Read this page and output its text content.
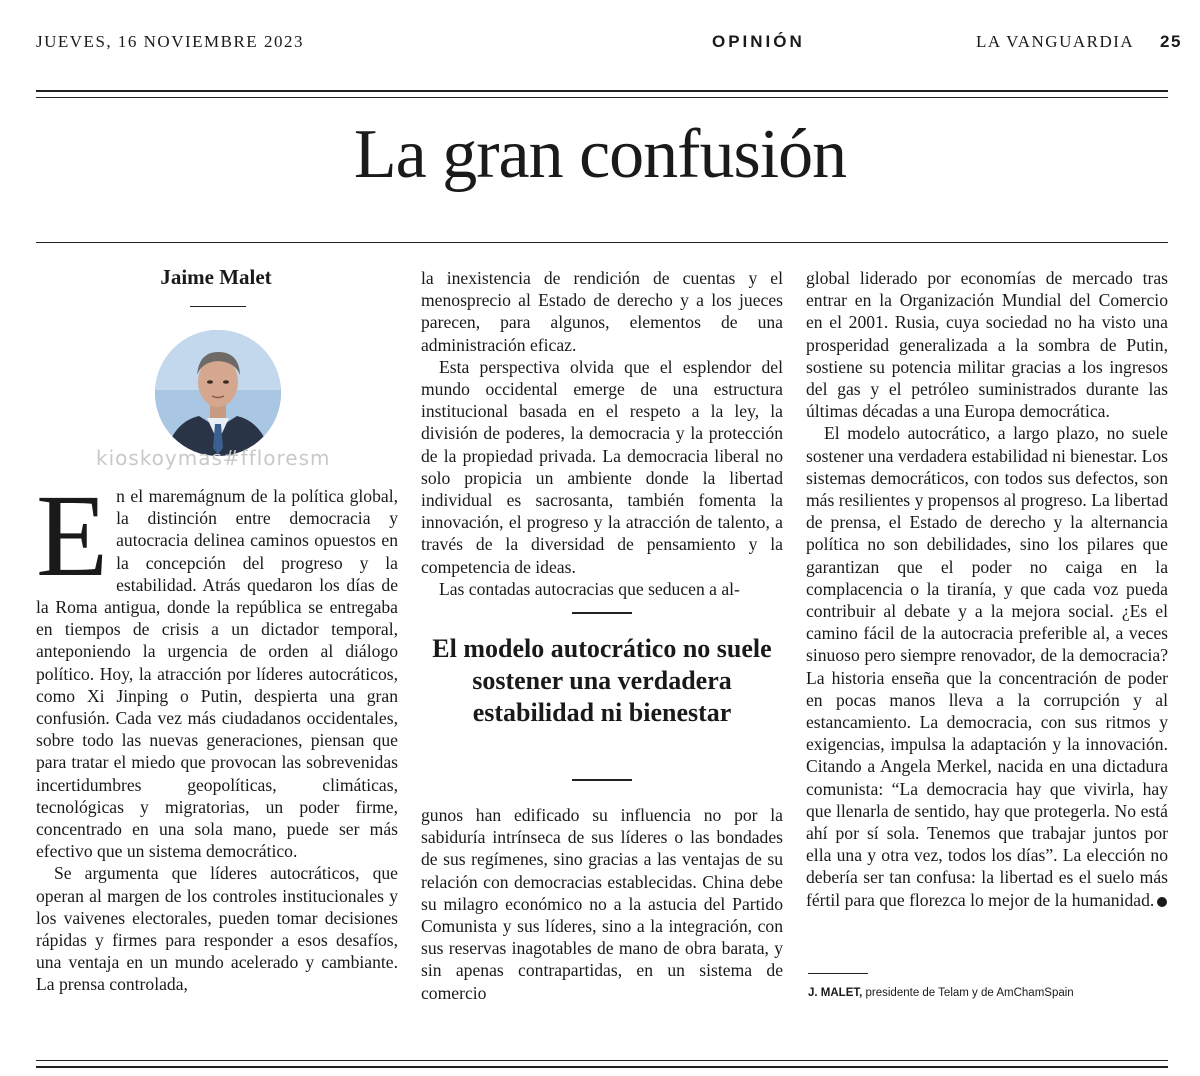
JUEVES, 16 NOVIEMBRE 2023	OPINIÓN	LA VANGUARDIA 25
La gran confusión
Jaime Malet
kioskoymas#ffloresm

En el maremágnum de la política global, la distinción entre democracia y autocracia delinea caminos opuestos en la concepción del progreso y la estabilidad. Atrás quedaron los días de la Roma antigua, donde la república se entregaba en tiempos de crisis a un dictador temporal, anteponiendo la urgencia de orden al diálogo político. Hoy, la atracción por líderes autocráticos, como Xi Jinping o Putin, despierta una gran confusión. Cada vez más ciudadanos occidentales, sobre todo las nuevas generaciones, piensan que para tratar el miedo que provocan las sobrevenidas incertidumbres geopolíticas, climáticas, tecnológicas y migratorias, un poder firme, concentrado en una sola mano, puede ser más efectivo que un sistema democrático.

Se argumenta que líderes autocráticos, que operan al margen de los controles institucionales y los vaivenes electorales, pueden tomar decisiones rápidas y firmes para responder a esos desafíos, una ventaja en un mundo acelerado y cambiante. La prensa controlada,

la inexistencia de rendición de cuentas y el menosprecio al Estado de derecho y a los jueces parecen, para algunos, elementos de una administración eficaz.

Esta perspectiva olvida que el esplendor del mundo occidental emerge de una estructura institucional basada en el respeto a la ley, la división de poderes, la democracia y la protección de la propiedad privada. La democracia liberal no solo propicia un ambiente donde la libertad individual es sacrosanta, también fomenta la innovación, el progreso y la atracción de talento, a través de la diversidad de pensamiento y la competencia de ideas.

Las contadas autocracias que seducen a al-

El modelo autocrático no suele sostener una verdadera estabilidad ni bienestar

gunos han edificado su influencia no por la sabiduría intrínseca de sus líderes o las bondades de sus regímenes, sino gracias a las ventajas de su relación con democracias establecidas. China debe su milagro económico no a la astucia del Partido Comunista y sus líderes, sino a la integración, con sus reservas inagotables de mano de obra barata, y sin apenas contrapartidas, en un sistema de comercio

global liderado por economías de mercado tras entrar en la Organización Mundial del Comercio en el 2001. Rusia, cuya sociedad no ha visto una prosperidad generalizada a la sombra de Putin, sostiene su potencia militar gracias a los ingresos del gas y el petróleo suministrados durante las últimas décadas a una Europa democrática.

El modelo autocrático, a largo plazo, no suele sostener una verdadera estabilidad ni bienestar. Los sistemas democráticos, con todos sus defectos, son más resilientes y propensos al progreso. La libertad de prensa, el Estado de derecho y la alternancia política no son debilidades, sino los pilares que garantizan que el poder no caiga en la complacencia o la tiranía, y que cada voz pueda contribuir al debate y a la mejora social. ¿Es el camino fácil de la autocracia preferible al, a veces sinuoso pero siempre renovador, de la democracia? La historia enseña que la concentración de poder en pocas manos lleva a la corrupción y al estancamiento. La democracia, con sus ritmos y exigencias, impulsa la adaptación y la innovación. Citando a Angela Merkel, nacida en una dictadura comunista: “La democracia hay que vivirla, hay que llenarla de sentido, hay que protegerla. No está ahí por sí sola. Tenemos que trabajar juntos por ella una y otra vez, todos los días”. La elección no debería ser tan confusa: la libertad es el suelo más fértil para que florezca lo mejor de la humanidad.

J. MALET, presidente de Telam y de AmChamSpain
